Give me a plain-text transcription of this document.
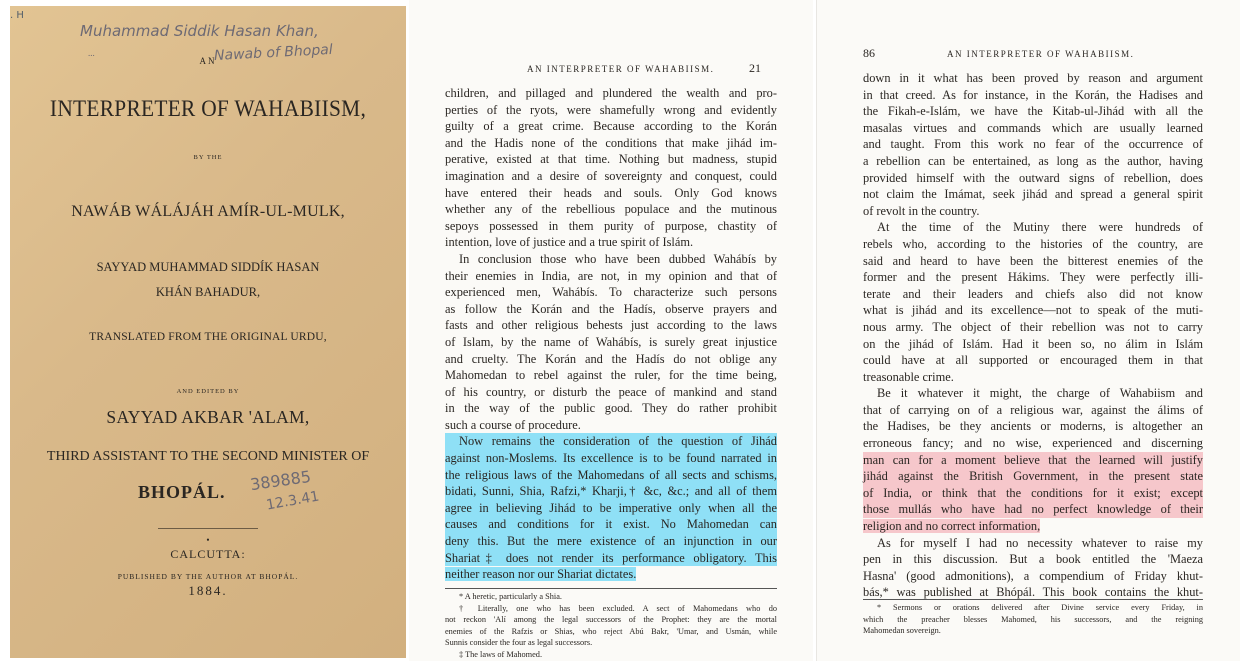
. H
Muhammad Siddik Hasan Khan,
Nawab of Bhopal
...
AN
INTERPRETER OF WAHABIISM,
BY THE
NAWÁB WÁLÁJÁH AMÍR-UL-MULK,
SAYYAD MUHAMMAD SIDDÍK HASAN
KHÁN BAHADUR,
TRANSLATED FROM THE ORIGINAL URDU,
AND EDITED BY
SAYYAD AKBAR 'ALAM,
THIRD ASSISTANT TO THE SECOND MINISTER OF
BHOPÁL. 389885
12.3.41
•
CALCUTTA:
PUBLISHED BY THE AUTHOR AT BHOPÁL.
1884.
AN INTERPRETER OF WAHABIISM.	21
children, and pillaged and plundered the wealth and pro-
perties of the ryots, were shamefully wrong and evidently
guilty of a great crime. Because according to the Korán
and the Hadis none of the conditions that make jihád im-
perative, existed at that time. Nothing but madness, stupid
imagination and a desire of sovereignty and conquest, could
have entered their heads and souls. Only God knows
whether any of the rebellious populace and the mutinous
sepoys possessed in them purity of purpose, chastity of
intention, love of justice and a true spirit of Islám.
In conclusion those who have been dubbed Wahábís by
their enemies in India, are not, in my opinion and that of
experienced men, Wahábís. To characterize such persons
as follow the Korán and the Hadís, observe prayers and
fasts and other religious behests just according to the laws
of Islam, by the name of Wahábís, is surely great injustice
and cruelty. The Korán and the Hadís do not oblige any
Mahomedan to rebel against the ruler, for the time being,
of his country, or disturb the peace of mankind and stand
in the way of the public good. They do rather prohibit
such a course of procedure.
Now remains the consideration of the question of Jihád
against non-Moslems. Its excellence is to be found narrated in
the religious laws of the Mahomedans of all sects and schisms,
bidati, Sunni, Shia, Rafzi,* Kharji,† &c, &c.; and all of them
agree in believing Jihád to be imperative only when all the
causes and conditions for it exist. No Mahomedan can
deny this. But the mere existence of an injunction in our
Shariat‡ does not render its performance obligatory. This
neither reason nor our Shariat dictates.
* A heretic, particularly a Shia.
† Literally, one who has been excluded. A sect of Mahomedans who do
not reckon 'Alí among the legal successors of the Prophet: they are the mortal
enemies of the Rafzis or Shias, who reject Abú Bakr, 'Umar, and Usmán, while
Sunnis consider the four as legal successors.
‡ The laws of Mahomed.
86	AN INTERPRETER OF WAHABIISM.
down in it what has been proved by reason and argument
in that creed. As for instance, in the Korán, the Hadises and
the Fikah-e-Islám, we have the Kitab-ul-Jihád with all the
masalas virtues and commands which are usually learned
and taught. From this work no fear of the occurrence of
a rebellion can be entertained, as long as the author, having
provided himself with the outward signs of rebellion, does
not claim the Imámat, seek jihád and spread a general spirit
of revolt in the country.
At the time of the Mutiny there were hundreds of
rebels who, according to the histories of the country, are
said and heard to have been the bitterest enemies of the
former and the present Hákims. They were perfectly illi-
terate and their leaders and chiefs also did not know
what is jihád and its excellence—not to speak of the muti-
nous army. The object of their rebellion was not to carry
on the jihád of Islám. Had it been so, no álim in Islám
could have at all supported or encouraged them in that
treasonable crime.
Be it whatever it might, the charge of Wahabiism and
that of carrying on of a religious war, against the álims of
the Hadises, be they ancients or moderns, is altogether an
erroneous fancy; and no wise, experienced and discerning
man can for a moment believe that the learned will justify
jihád against the British Government, in the present state
of India, or think that the conditions for it exist; except
those mullás who have had no perfect knowledge of their
religion and no correct information,
As for myself I had no necessity whatever to raise my
pen in this discussion. But a book entitled the 'Maeza
Hasna' (good admonitions), a compendium of Friday khut-
bás,* was published at Bhópál. This book contains the khut-
* Sermons or orations delivered after Divine service every Friday, in
which the preacher blesses Mahomed, his successors, and the reigning
Mahomedan sovereign.
